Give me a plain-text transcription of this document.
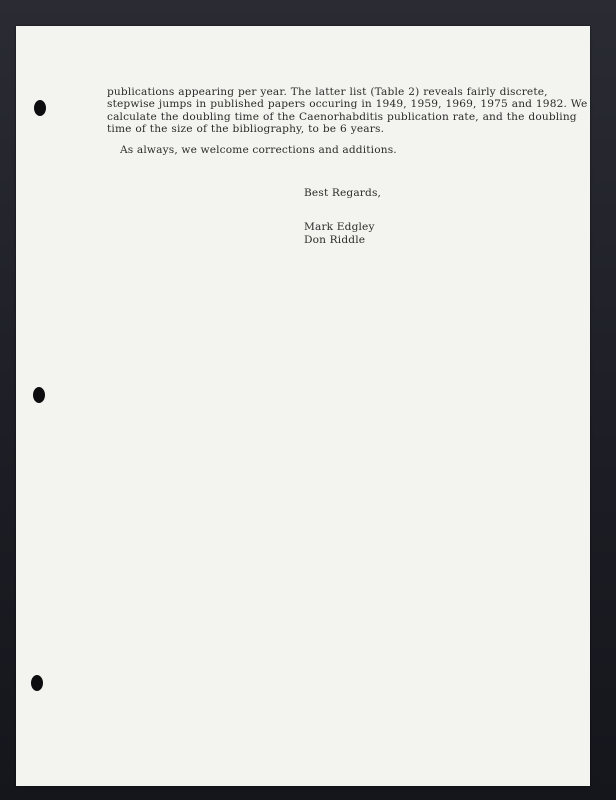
publications appearing per year. The latter list (Table 2) reveals fairly discrete,
stepwise jumps in published papers occuring in 1949, 1959, 1969, 1975 and 1982. We
calculate the doubling time of the Caenorhabditis publication rate, and the doubling
time of the size of the bibliography, to be 6 years.
As always, we welcome corrections and additions.
Best Regards,
Mark Edgley
Don Riddle
